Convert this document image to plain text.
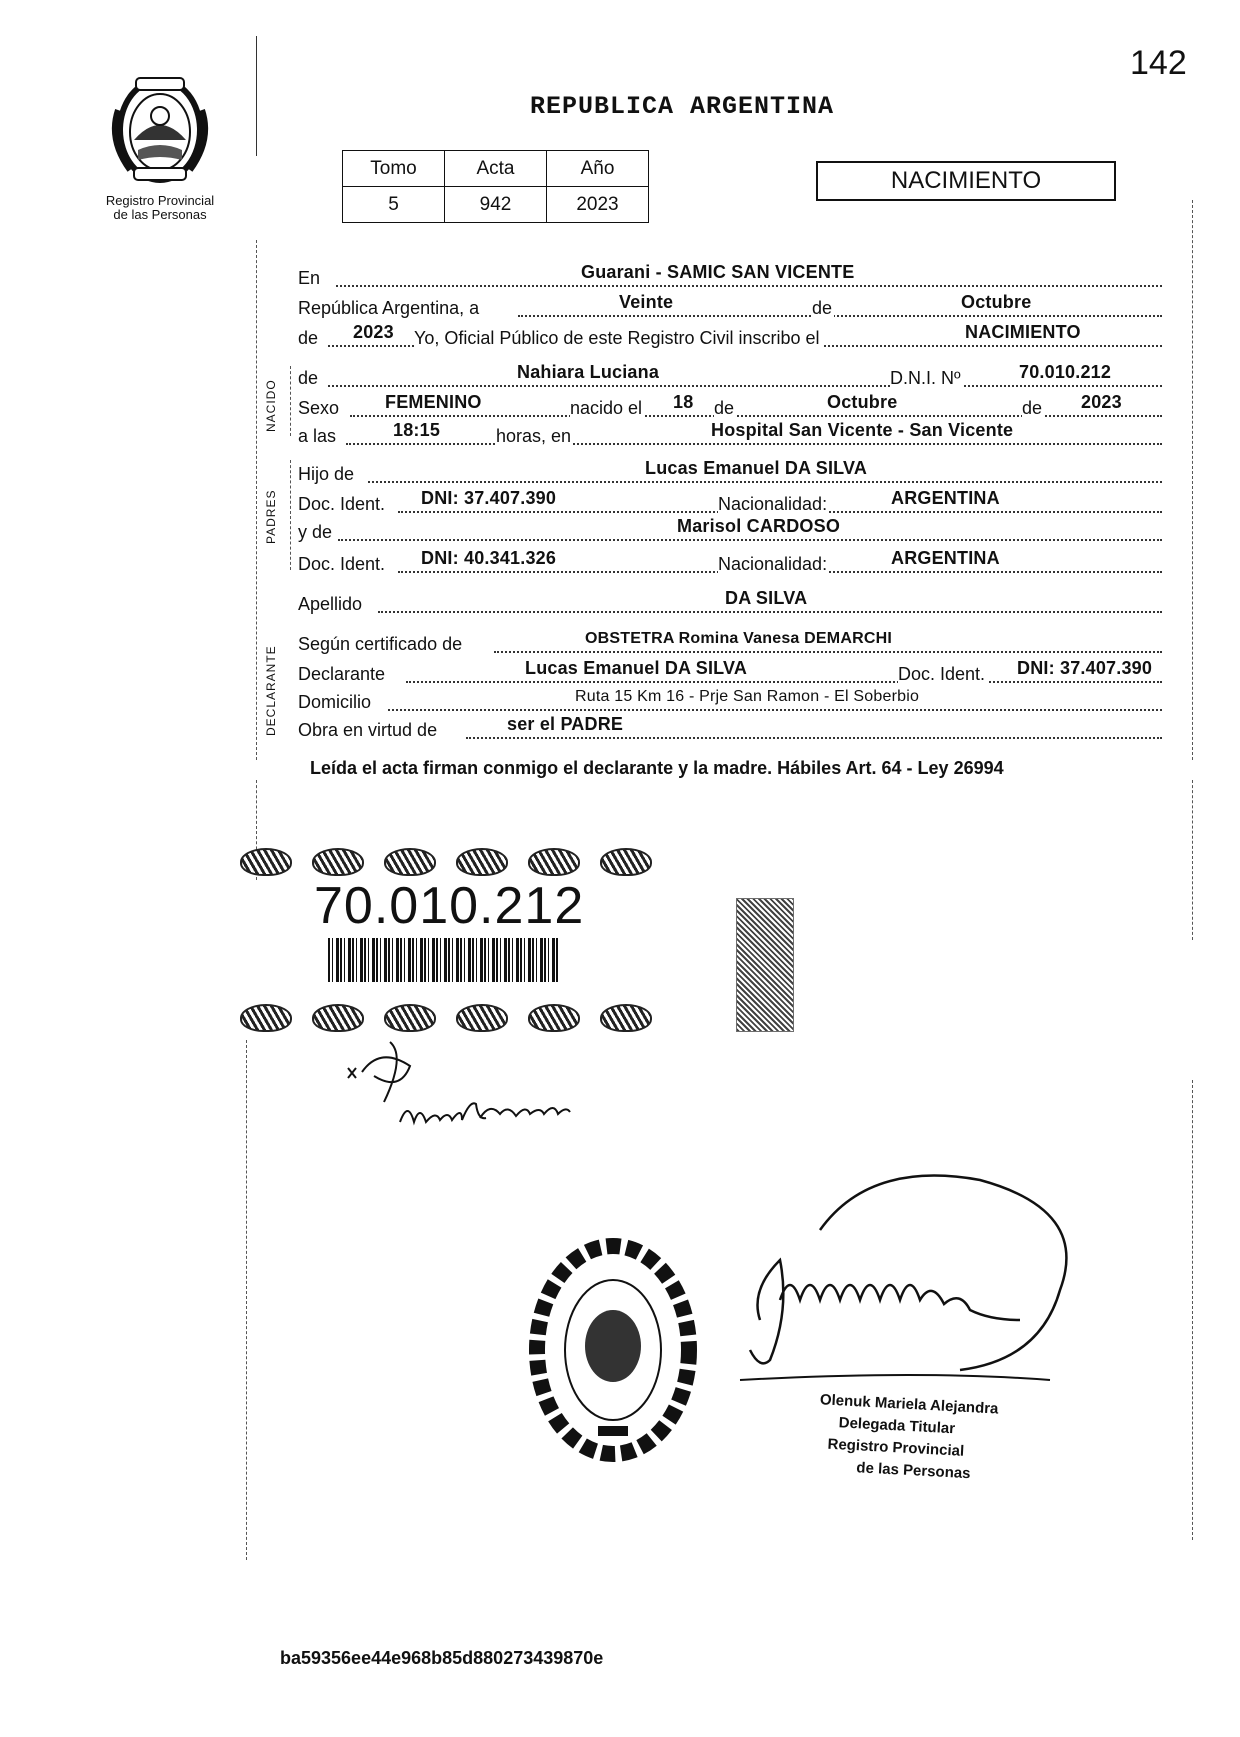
142
Registro Provincial
de las Personas
REPUBLICA ARGENTINA
Tomo	Acta	Año
5	942	2023
NACIMIENTO
NACIDO
PADRES
DECLARANTE
En	Guarani - SAMIC SAN VICENTE
República Argentina, a	Veinte	de	Octubre
de 2023 Yo, Oficial Público de este Registro Civil inscribo el	NACIMIENTO
de	Nahiara Luciana	D.N.I. Nº	70.010.212
Sexo	FEMENINO	nacido el 18 de	Octubre	de 2023
a las	18:15	horas, en	Hospital San Vicente - San Vicente
Hijo de	Lucas Emanuel DA SILVA
Doc. Ident. DNI: 37.407.390	Nacionalidad:	ARGENTINA
y de	Marisol CARDOSO
Doc. Ident. DNI: 40.341.326	Nacionalidad:	ARGENTINA
Apellido	DA SILVA
Según certificado de	OBSTETRA Romina Vanesa DEMARCHI
Declarante	Lucas Emanuel DA SILVA	Doc. Ident. DNI: 37.407.390
Domicilio	Ruta 15 Km 16 - Prje San Ramon - El Soberbio
Obra en virtud de	ser el PADRE
Leída el acta firman conmigo el declarante y la madre. Hábiles Art. 64 - Ley 26994
70.010.212
Olenuk Mariela Alejandra
Delegada Titular
Registro Provincial
de las Personas
ba59356ee44e968b85d880273439870e
